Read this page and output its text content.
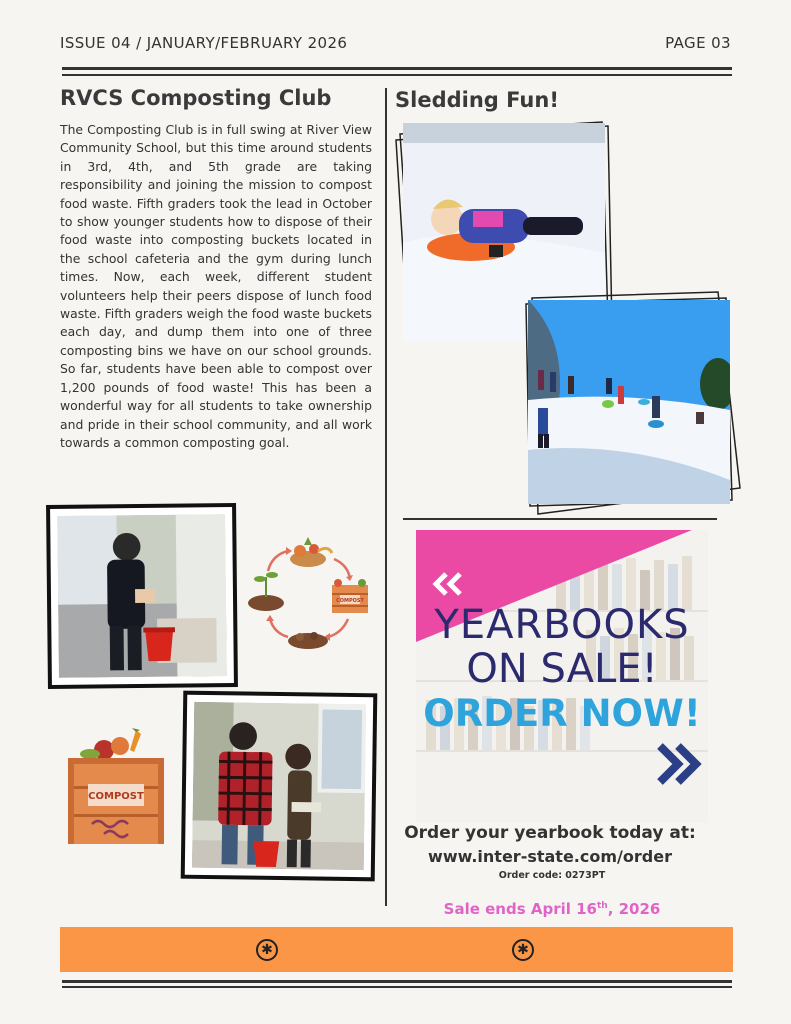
ISSUE 04 / JANUARY/FEBRUARY 2026	PAGE 03
RVCS Composting Club
The Composting Club is in full swing at River View Community School, but this time around students in 3rd, 4th, and 5th grade are taking responsibility and joining the mission to compost food waste. Fifth graders took the lead in October to show younger students how to dispose of their food waste into composting buckets located in the school cafeteria and the gym during lunch times. Now, each week, different student volunteers help their peers dispose of lunch food waste. Fifth graders weigh the food waste buckets each day, and dump them into one of three composting bins we have on our school grounds. So far, students have been able to compost over 1,200 pounds of food waste! This has been a wonderful way for all students to take ownership and pride in their school community, and all work towards a common composting goal.
COMPOST
COMPOST
Sledding Fun!
YEARBOOKS
ON SALE!
ORDER NOW!
Order your yearbook today at:
www.inter-state.com/order
Order code: 0273PT
Sale ends April 16th, 2026
✱	✱
